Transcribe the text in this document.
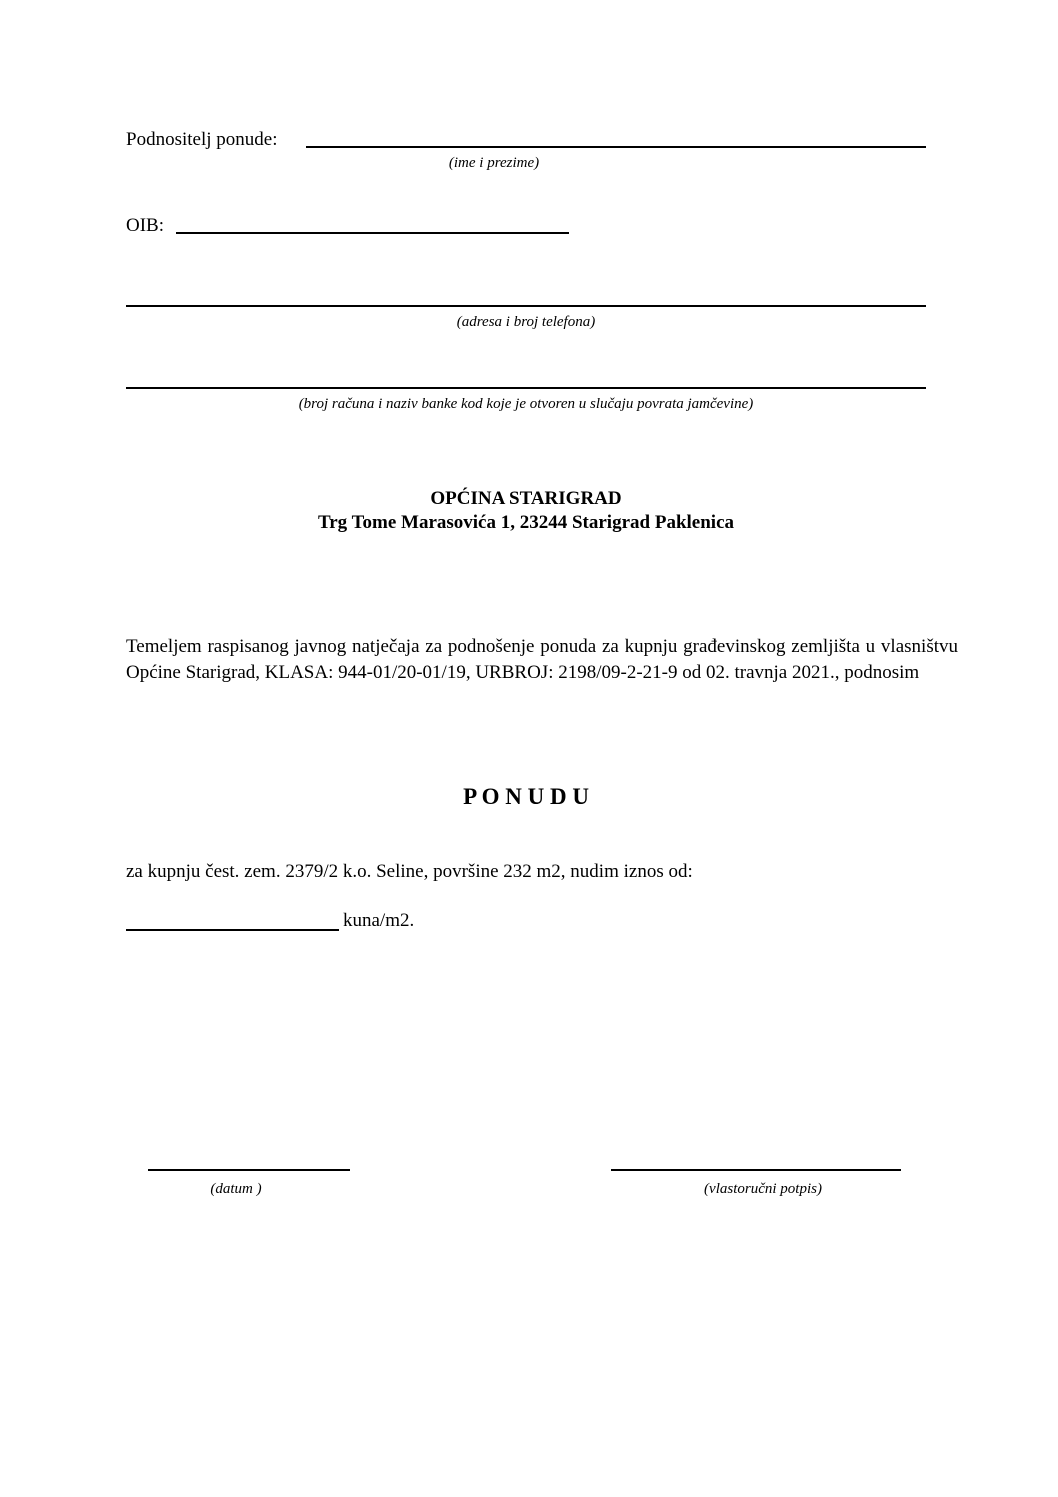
Podnositelj ponude:
(ime i prezime)
OIB:
(adresa i broj telefona)
(broj računa i naziv banke kod koje je otvoren u slučaju povrata jamčevine)
OPĆINA STARIGRAD
Trg Tome Marasovića 1, 23244 Starigrad Paklenica
Temeljem raspisanog javnog natječaja za podnošenje ponuda za kupnju građevinskog zemljišta u vlasništvu Općine Starigrad, KLASA: 944-01/20-01/19, URBROJ: 2198/09-2-21-9 od 02. travnja 2021., podnosim
P O N U D U
za kupnju čest. zem. 2379/2 k.o. Seline, površine 232 m2, nudim iznos od:
kuna/m2.
(datum )	(vlastoručni potpis)
